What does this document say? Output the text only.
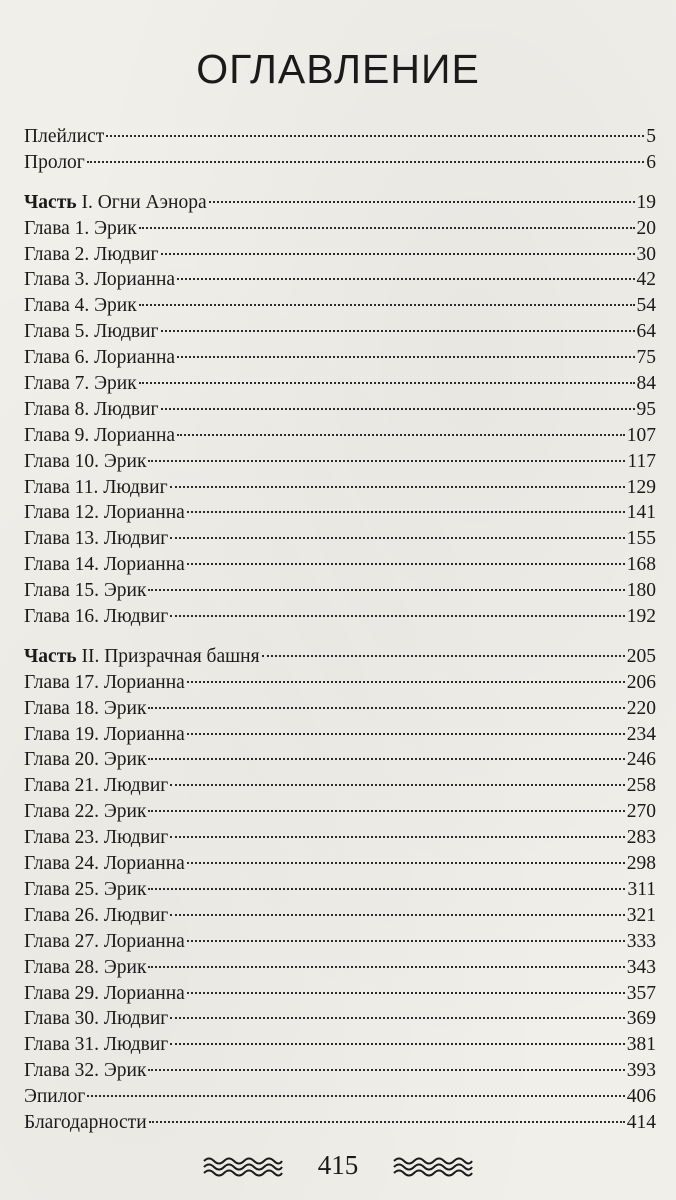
оглавление
Плейлист	5
Пролог	6
Часть I. Огни Аэнора	19
Глава 1. Эрик	20
Глава 2. Людвиг	30
Глава 3. Лорианна	42
Глава 4. Эрик	54
Глава 5. Людвиг	64
Глава 6. Лорианна	75
Глава 7. Эрик	84
Глава 8. Людвиг	95
Глава 9. Лорианна	107
Глава 10. Эрик	117
Глава 11. Людвиг	129
Глава 12. Лорианна	141
Глава 13. Людвиг	155
Глава 14. Лорианна	168
Глава 15. Эрик	180
Глава 16. Людвиг	192
Часть II. Призрачная башня	205
Глава 17. Лорианна	206
Глава 18. Эрик	220
Глава 19. Лорианна	234
Глава 20. Эрик	246
Глава 21. Людвиг	258
Глава 22. Эрик	270
Глава 23. Людвиг	283
Глава 24. Лорианна	298
Глава 25. Эрик	311
Глава 26. Людвиг	321
Глава 27. Лорианна	333
Глава 28. Эрик	343
Глава 29. Лорианна	357
Глава 30. Людвиг	369
Глава 31. Людвиг	381
Глава 32. Эрик	393
Эпилог	406
Благодарности	414
415
